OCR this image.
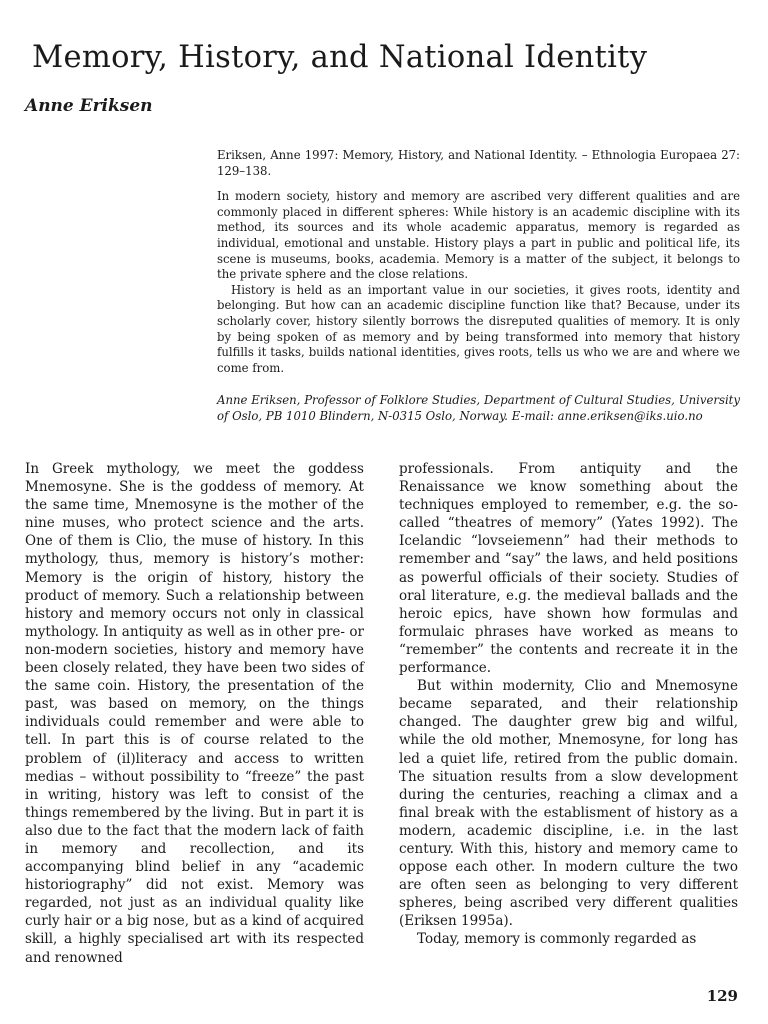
Memory, History, and National Identity
Anne Eriksen

Eriksen, Anne 1997: Memory, History, and National Identity. – Ethnologia Europaea 27: 129–138.

In modern society, history and memory are ascribed very different qualities and are commonly placed in different spheres: While history is an academic discipline with its method, its sources and its whole academic apparatus, memory is regarded as individual, emotional and unstable. History plays a part in public and political life, its scene is museums, books, academia. Memory is a matter of the subject, it belongs to the private sphere and the close relations.

History is held as an important value in our societies, it gives roots, identity and belonging. But how can an academic discipline function like that? Because, under its scholarly cover, history silently borrows the disreputed qualities of memory. It is only by being spoken of as memory and by being transformed into memory that history fulfills it tasks, builds national identities, gives roots, tells us who we are and where we come from.

Anne Eriksen, Professor of Folklore Studies, Department of Cultural Studies, University of Oslo, PB 1010 Blindern, N-0315 Oslo, Norway. E-mail: anne.eriksen@iks.uio.no

In Greek mythology, we meet the goddess Mnemosyne. She is the goddess of memory. At the same time, Mnemosyne is the mother of the nine muses, who protect science and the arts. One of them is Clio, the muse of history. In this mythology, thus, memory is history’s mother: Memory is the origin of history, history the product of memory. Such a relationship between history and memory occurs not only in classical mythology. In antiquity as well as in other pre- or non-modern societies, history and memory have been closely related, they have been two sides of the same coin. History, the presentation of the past, was based on memory, on the things individuals could remember and were able to tell. In part this is of course related to the problem of (il)literacy and access to written medias – without possibility to “freeze” the past in writing, history was left to consist of the things remembered by the living. But in part it is also due to the fact that the modern lack of faith in memory and recollection, and its accompanying blind belief in any “academic historiography” did not exist. Memory was regarded, not just as an individual quality like curly hair or a big nose, but as a kind of acquired skill, a highly specialised art with its respected and renowned

professionals. From antiquity and the Renaissance we know something about the techniques employed to remember, e.g. the so-called “theatres of memory” (Yates 1992). The Icelandic “lovseiemenn” had their methods to remember and “say” the laws, and held positions as powerful officials of their society. Studies of oral literature, e.g. the medieval ballads and the heroic epics, have shown how formulas and formulaic phrases have worked as means to “remember” the contents and recreate it in the performance.

But within modernity, Clio and Mnemosyne became separated, and their relationship changed. The daughter grew big and wilful, while the old mother, Mnemosyne, for long has led a quiet life, retired from the public domain. The situation results from a slow development during the centuries, reaching a climax and a final break with the establisment of history as a modern, academic discipline, i.e. in the last century. With this, history and memory came to oppose each other. In modern culture the two are often seen as belonging to very different spheres, being ascribed very different qualities (Eriksen 1995a).

Today, memory is commonly regarded as

129
